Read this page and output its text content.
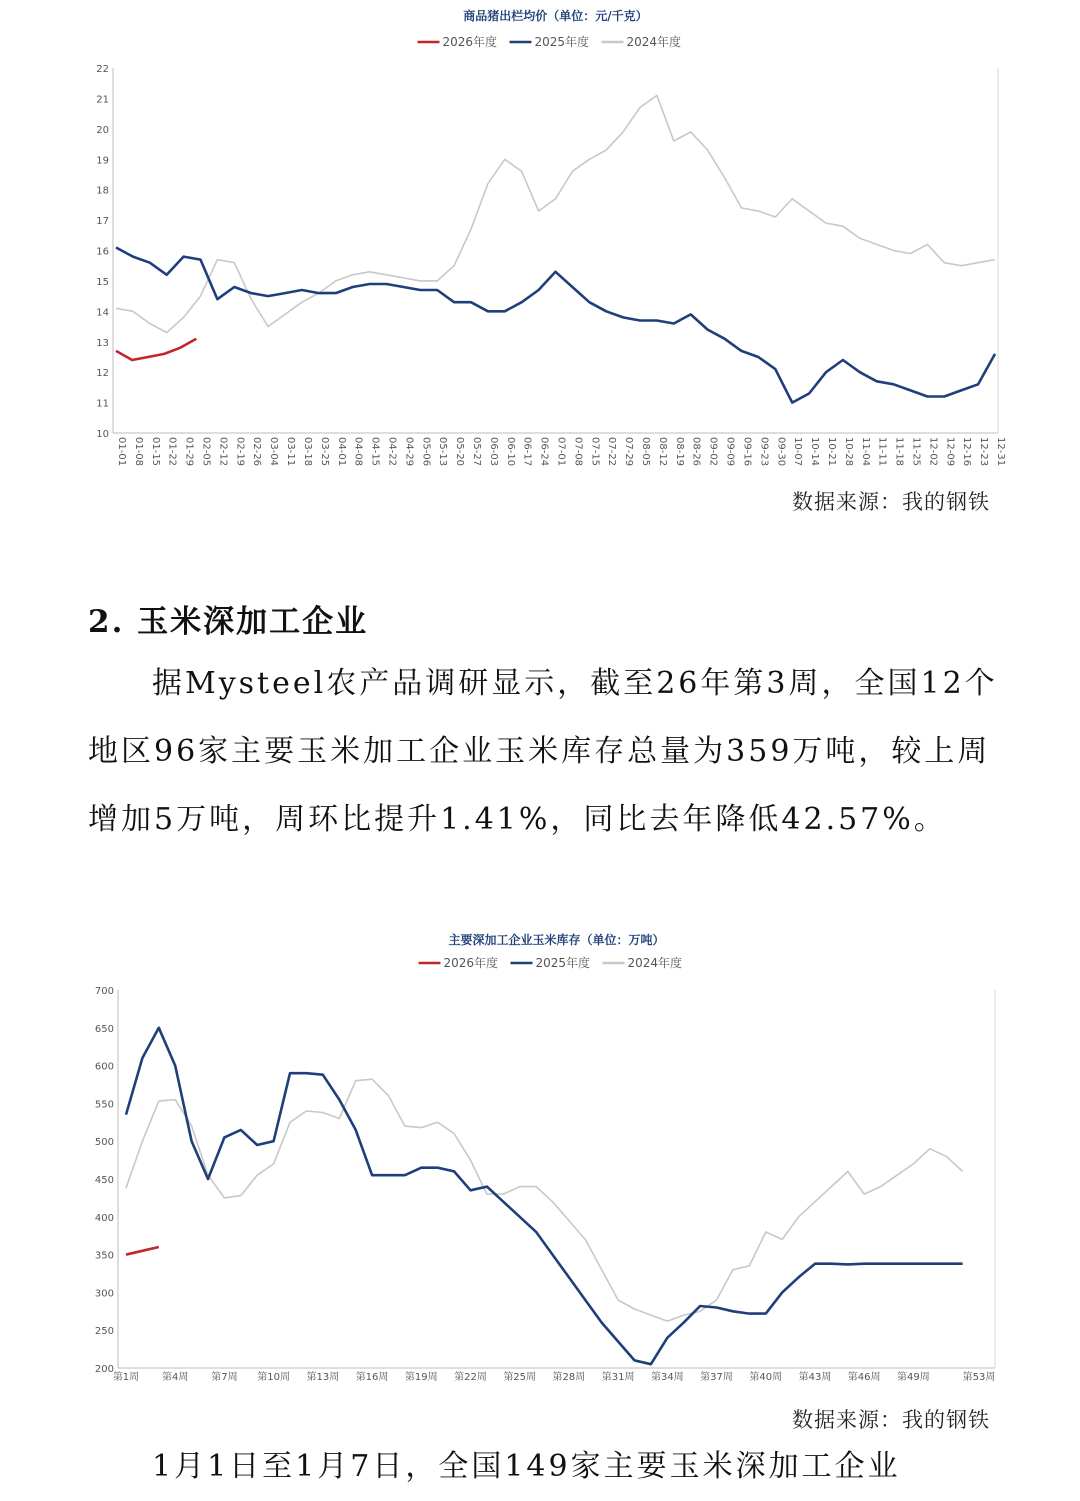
商品猪出栏均价（单位：元/千克）
2026年度	2025年度	2024年度
10
11
12
13
14
15
16
17
18
19
20
21
22
01-01 01-08 01-15 01-22 01-29 02-05 02-12 02-19 02-26 03-04 03-11 03-18 03-25 04-01 04-08 04-15 04-22 04-29 05-06 05-13 05-20 05-27 06-03 06-10 06-17 06-24 07-01 07-08 07-15 07-22 07-29 08-05 08-12 08-19 08-26 09-02 09-09 09-16 09-23 09-30 10-07 10-14 10-21 10-28 11-04 11-11 11-18 11-25 12-02 12-09 12-16 12-23 12-31
数据来源：我的钢铁
2. 玉米深加工企业

据Mysteel农产品调研显示，截至26年第3周，全国12个地区96家主要玉米加工企业玉米库存总量为359万吨，较上周增加5万吨，周环比提升1.41%，同比去年降低42.57%。

主要深加工企业玉米库存（单位：万吨）
2026年度	2025年度	2024年度
200
250
300
350
400
450
500
550
600
650
700
第1周 第4周 第7周 第10周 第13周 第16周 第19周 第22周 第25周 第28周 第31周 第34周 第37周 第40周 第43周 第46周 第49周	第53周
数据来源：我的钢铁

1月1日至1月7日，全国149家主要玉米深加工企业
